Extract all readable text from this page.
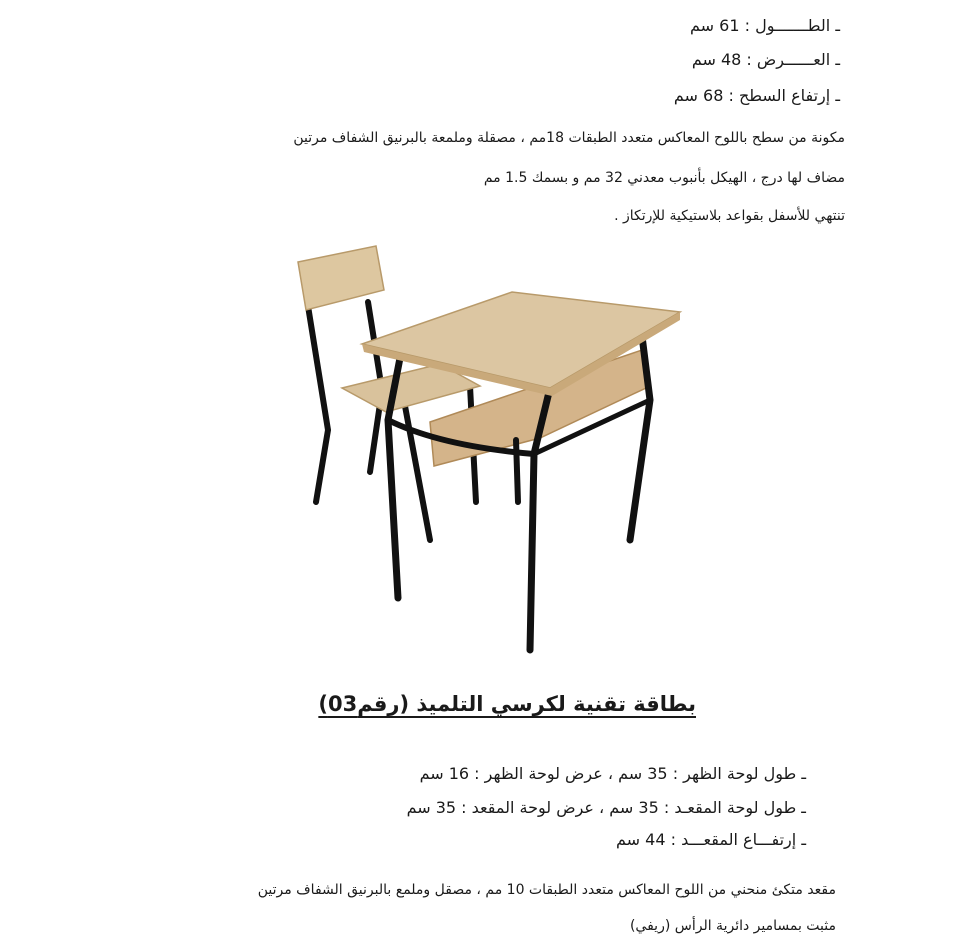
ـ الطـــــــول : 61 سم
ـ العــــــرض : 48 سم
ـ إرتفاع السطح : 68 سم
مكونة من سطح باللوح المعاكس متعدد الطبقات 18مم ، مصقلة وملمعة بالبرنيق الشفاف مرتين
مضاف لها درج ، الهيكل بأنبوب معدني 32 مم و بسمك 1.5 مم
تنتهي للأسفل بقواعد بلاستيكية للإرتكاز .
بطاقة تقنية لكرسي التلميذ (رقم03)
ـ طول لوحة الظهر : 35 سم ، عرض لوحة الظهر : 16 سم
ـ طول لوحة المقعـد : 35 سم ، عرض لوحة المقعد : 35 سم
ـ إرتفـــاع المقعـــد : 44 سم
مقعد متكئ منحني من اللوح المعاكس متعدد الطبقات 10 مم ، مصقل وملمع بالبرنيق الشفاف مرتين
مثبت بمسامير دائرية الرأس (ريفي)
